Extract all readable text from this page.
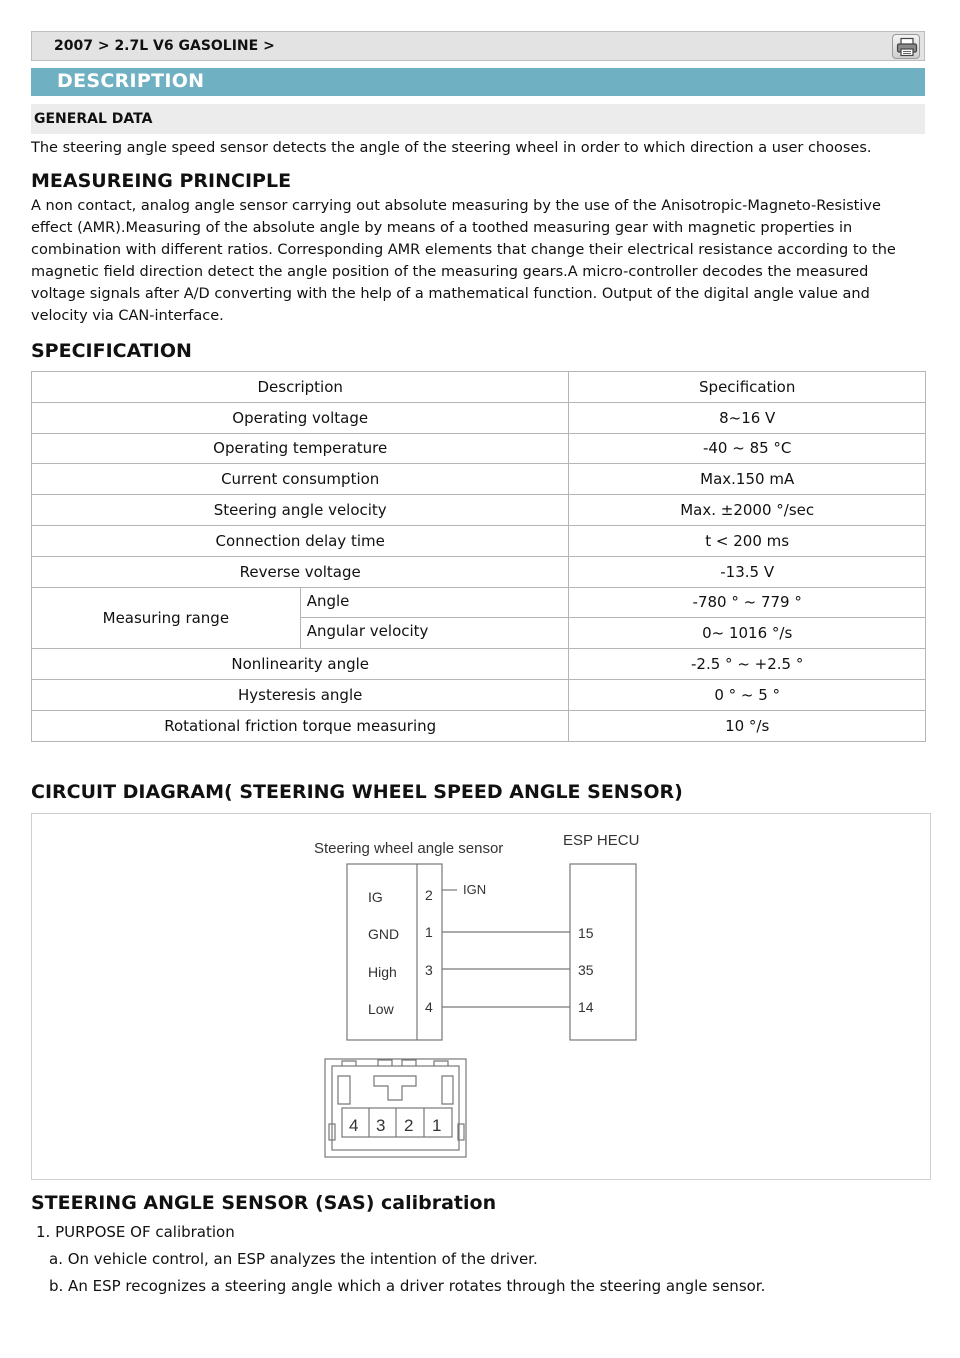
2007 > 2.7L V6 GASOLINE >
DESCRIPTION
GENERAL DATA
The steering angle speed sensor detects the angle of the steering wheel in order to which direction a user chooses.
MEASUREING PRINCIPLE
A non contact, analog angle sensor carrying out absolute measuring by the use of the Anisotropic-Magneto-Resistive effect (AMR).Measuring of the absolute angle by means of a toothed measuring gear with magnetic properties in combination with different ratios. Corresponding AMR elements that change their electrical resistance according to the magnetic field direction detect the angle position of the measuring gears.A micro-controller decodes the measured voltage signals after A/D converting with the help of a mathematical function. Output of the digital angle value and velocity via CAN-interface.
SPECIFICATION
Description		Specification
Operating voltage		8~16 V
Operating temperature		-40 ~ 85 °C
Current consumption		Max.150 mA
Steering angle velocity		Max. ±2000 °/sec
Connection delay time		t < 200 ms
Reverse voltage		-13.5 V
Measuring range	Angle	-780 ° ~ 779 °
	Angular velocity	0~ 1016 °/s
Nonlinearity angle		-2.5 ° ~ +2.5 °
Hysteresis angle		0 ° ~ 5 °
Rotational friction torque measuring		10 °/s
CIRCUIT DIAGRAM( STEERING WHEEL SPEED ANGLE SENSOR)
Steering wheel angle sensor	ESP HECU
IG
GND
High
Low
2
1
3
4
IGN
15
35
14
4 3 2 1
STEERING ANGLE SENSOR (SAS) calibration
1. PURPOSE OF calibration
a. On vehicle control, an ESP analyzes the intention of the driver.
b. An ESP recognizes a steering angle which a driver rotates through the steering angle sensor.
